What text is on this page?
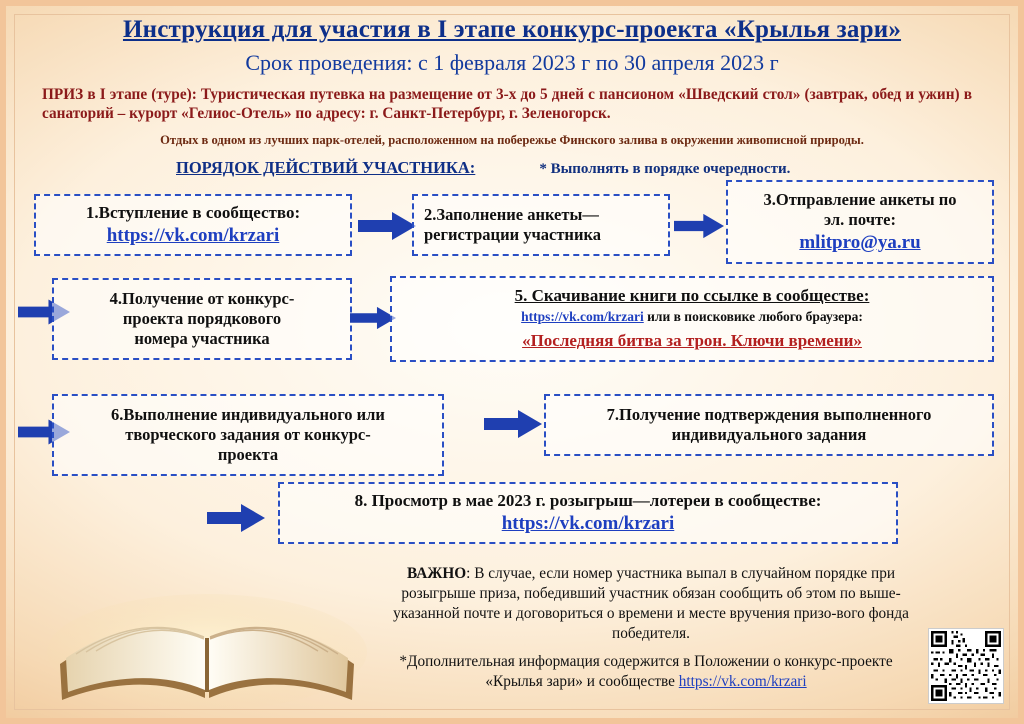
Инструкция для участия в I этапе конкурс-проекта «Крылья зари»
Срок проведения: с 1 февраля 2023 г по 30 апреля 2023 г
ПРИЗ в I этапе (туре): Туристическая путевка на размещение от 3-х до 5 дней с пансионом «Шведский стол» (завтрак, обед и ужин) в санаторий – курорт «Гелиос-Отель» по адресу: г. Санкт-Петербург, г. Зеленогорск.
Отдых в одном из лучших парк-отелей, расположенном на побережье Финского залива в окружении живописной природы.
ПОРЯДОК ДЕЙСТВИЙ УЧАСТНИКА:	* Выполнять в порядке очередности.
1.Вступление в сообщество:
https://vk.com/krzari
2.Заполнение анкеты—
регистрации участника
3.Отправление анкеты по
эл. почте:
mlitpro@ya.ru
4.Получение от конкурс-
проекта порядкового
номера участника
5. Скачивание книги по ссылке в сообществе:
https://vk.com/krzari или в поисковике любого браузера:
«Последняя битва за трон. Ключи времени»
6.Выполнение индивидуального или
творческого задания от конкурс-
проекта
7.Получение подтверждения выполненного
индивидуального задания
8. Просмотр в мае 2023 г. розыгрыш—лотереи в сообществе:
https://vk.com/krzari
ВАЖНО: В случае, если номер участника выпал в случайном порядке при розыгрыше приза, победивший участник обязан сообщить об этом по выше-указанной почте и договориться о времени и месте вручения призо-вого фонда победителя.
*Дополнительная информация содержится в Положении о конкурс-проекте «Крылья зари» и сообществе https://vk.com/krzari
